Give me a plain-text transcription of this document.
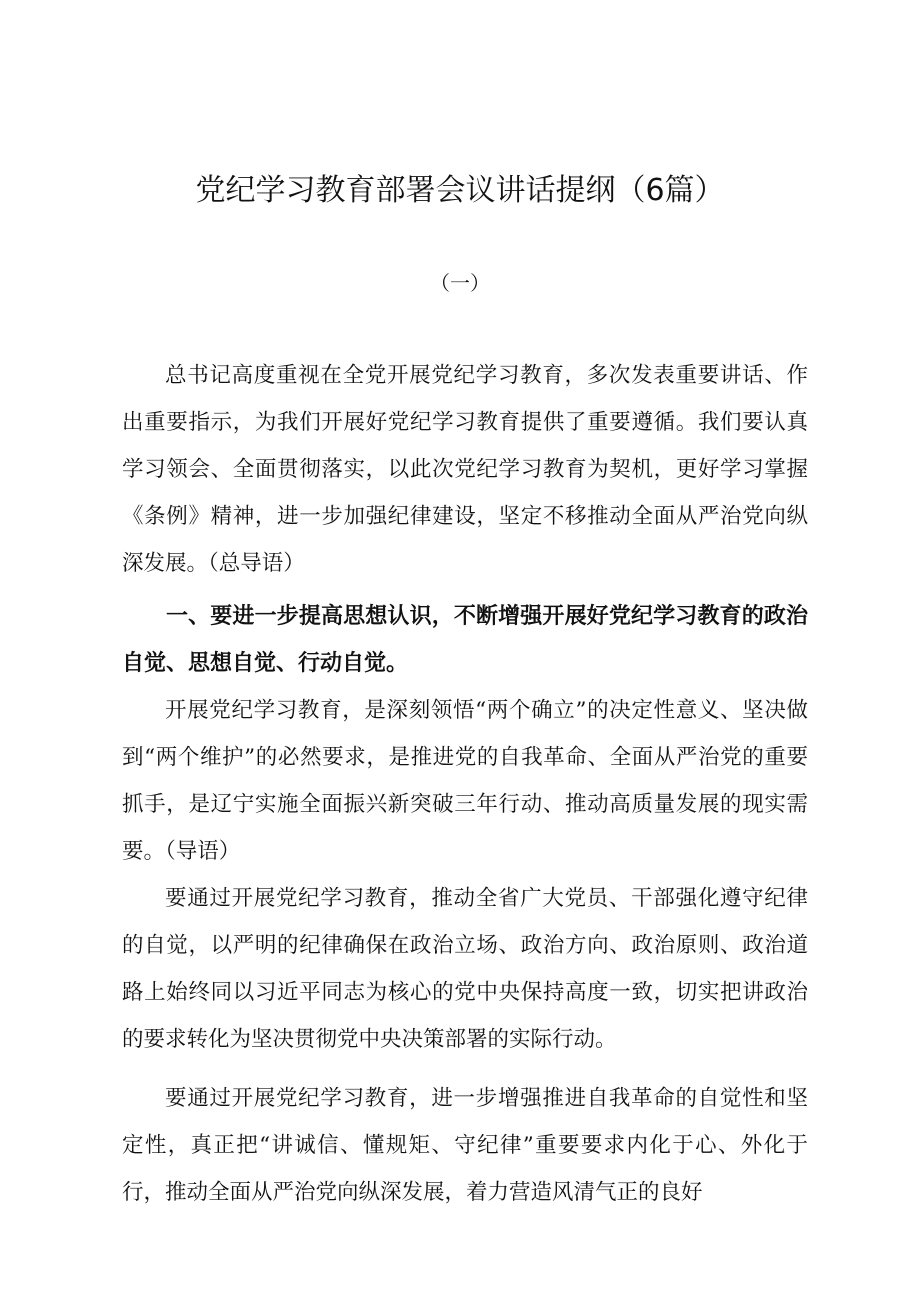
党纪学习教育部署会议讲话提纲（6篇）
（一）

总书记高度重视在全党开展党纪学习教育，多次发表重要讲话、作出重要指示，为我们开展好党纪学习教育提供了重要遵循。我们要认真学习领会、全面贯彻落实，以此次党纪学习教育为契机，更好学习掌握《条例》精神，进一步加强纪律建设，坚定不移推动全面从严治党向纵深发展。（总导语）

一、要进一步提高思想认识，不断增强开展好党纪学习教育的政治自觉、思想自觉、行动自觉。

开展党纪学习教育，是深刻领悟“两个确立”的决定性意义、坚决做到“两个维护”的必然要求，是推进党的自我革命、全面从严治党的重要抓手，是辽宁实施全面振兴新突破三年行动、推动高质量发展的现实需要。（导语）

要通过开展党纪学习教育，推动全省广大党员、干部强化遵守纪律的自觉，以严明的纪律确保在政治立场、政治方向、政治原则、政治道路上始终同以习近平同志为核心的党中央保持高度一致，切实把讲政治的要求转化为坚决贯彻党中央决策部署的实际行动。

要通过开展党纪学习教育，进一步增强推进自我革命的自觉性和坚定性，真正把“讲诚信、懂规矩、守纪律”重要要求内化于心、外化于行，推动全面从严治党向纵深发展，着力营造风清气正的良好
